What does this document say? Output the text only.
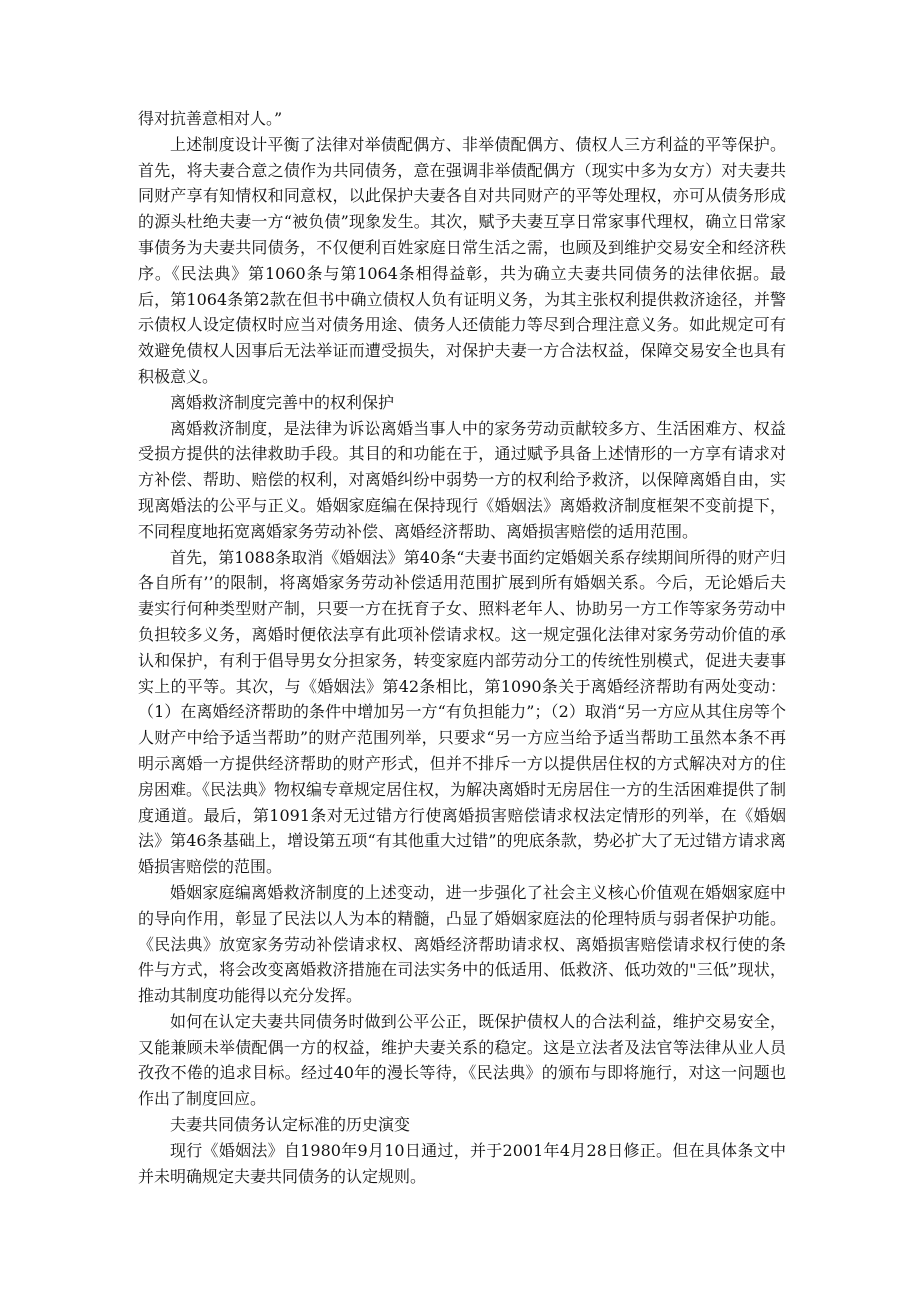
得对抗善意相对人。”

上述制度设计平衡了法律对举债配偶方、非举债配偶方、债权人三方利益的平等保护。首先，将夫妻合意之债作为共同债务，意在强调非举债配偶方（现实中多为女方）对夫妻共同财产享有知情权和同意权，以此保护夫妻各自对共同财产的平等处理权，亦可从债务形成的源头杜绝夫妻一方“被负债”现象发生。其次，赋予夫妻互享日常家事代理权，确立日常家事债务为夫妻共同债务，不仅便利百姓家庭日常生活之需，也顾及到维护交易安全和经济秩序。《民法典》第1060条与第1064条相得益彰，共为确立夫妻共同债务的法律依据。最后，第1064条第2款在但书中确立债权人负有证明义务，为其主张权利提供救济途径，并警示债权人设定债权时应当对债务用途、债务人还债能力等尽到合理注意义务。如此规定可有效避免债权人因事后无法举证而遭受损失，对保护夫妻一方合法权益，保障交易安全也具有积极意义。

离婚救济制度完善中的权利保护

离婚救济制度，是法律为诉讼离婚当事人中的家务劳动贡献较多方、生活困难方、权益受损方提供的法律救助手段。其目的和功能在于，通过赋予具备上述情形的一方享有请求对方补偿、帮助、赔偿的权利，对离婚纠纷中弱势一方的权利给予救济，以保障离婚自由，实现离婚法的公平与正义。婚姻家庭编在保持现行《婚姻法》离婚救济制度框架不变前提下，不同程度地拓宽离婚家务劳动补偿、离婚经济帮助、离婚损害赔偿的适用范围。

首先，第1088条取消《婚姻法》第40条“夫妻书面约定婚姻关系存续期间所得的财产归各自所有’’的限制，将离婚家务劳动补偿适用范围扩展到所有婚姻关系。今后，无论婚后夫妻实行何种类型财产制，只要一方在抚育子女、照料老年人、协助另一方工作等家务劳动中负担较多义务，离婚时便依法享有此项补偿请求权。这一规定强化法律对家务劳动价值的承认和保护，有利于倡导男女分担家务，转变家庭内部劳动分工的传统性别模式，促进夫妻事实上的平等。其次，与《婚姻法》第42条相比，第1090条关于离婚经济帮助有两处变动：（1）在离婚经济帮助的条件中增加另一方“有负担能力”；（2）取消“另一方应从其住房等个人财产中给予适当帮助”的财产范围列举，只要求“另一方应当给予适当帮助工虽然本条不再明示离婚一方提供经济帮助的财产形式，但并不排斥一方以提供居住权的方式解决对方的住房困难。《民法典》物权编专章规定居住权，为解决离婚时无房居住一方的生活困难提供了制度通道。最后，第1091条对无过错方行使离婚损害赔偿请求权法定情形的列举，在《婚姻法》第46条基础上，增设第五项“有其他重大过错”的兜底条款，势必扩大了无过错方请求离婚损害赔偿的范围。

婚姻家庭编离婚救济制度的上述变动，进一步强化了社会主义核心价值观在婚姻家庭中的导向作用，彰显了民法以人为本的精髓，凸显了婚姻家庭法的伦理特质与弱者保护功能。《民法典》放宽家务劳动补偿请求权、离婚经济帮助请求权、离婚损害赔偿请求权行使的条件与方式，将会改变离婚救济措施在司法实务中的低适用、低救济、低功效的"三低”现状，推动其制度功能得以充分发挥。

如何在认定夫妻共同债务时做到公平公正，既保护债权人的合法利益，维护交易安全，又能兼顾未举债配偶一方的权益，维护夫妻关系的稳定。这是立法者及法官等法律从业人员孜孜不倦的追求目标。经过40年的漫长等待，《民法典》的颁布与即将施行，对这一问题也作出了制度回应。

夫妻共同债务认定标准的历史演变

现行《婚姻法》自1980年9月10日通过，并于2001年4月28日修正。但在具体条文中并未明确规定夫妻共同债务的认定规则。
